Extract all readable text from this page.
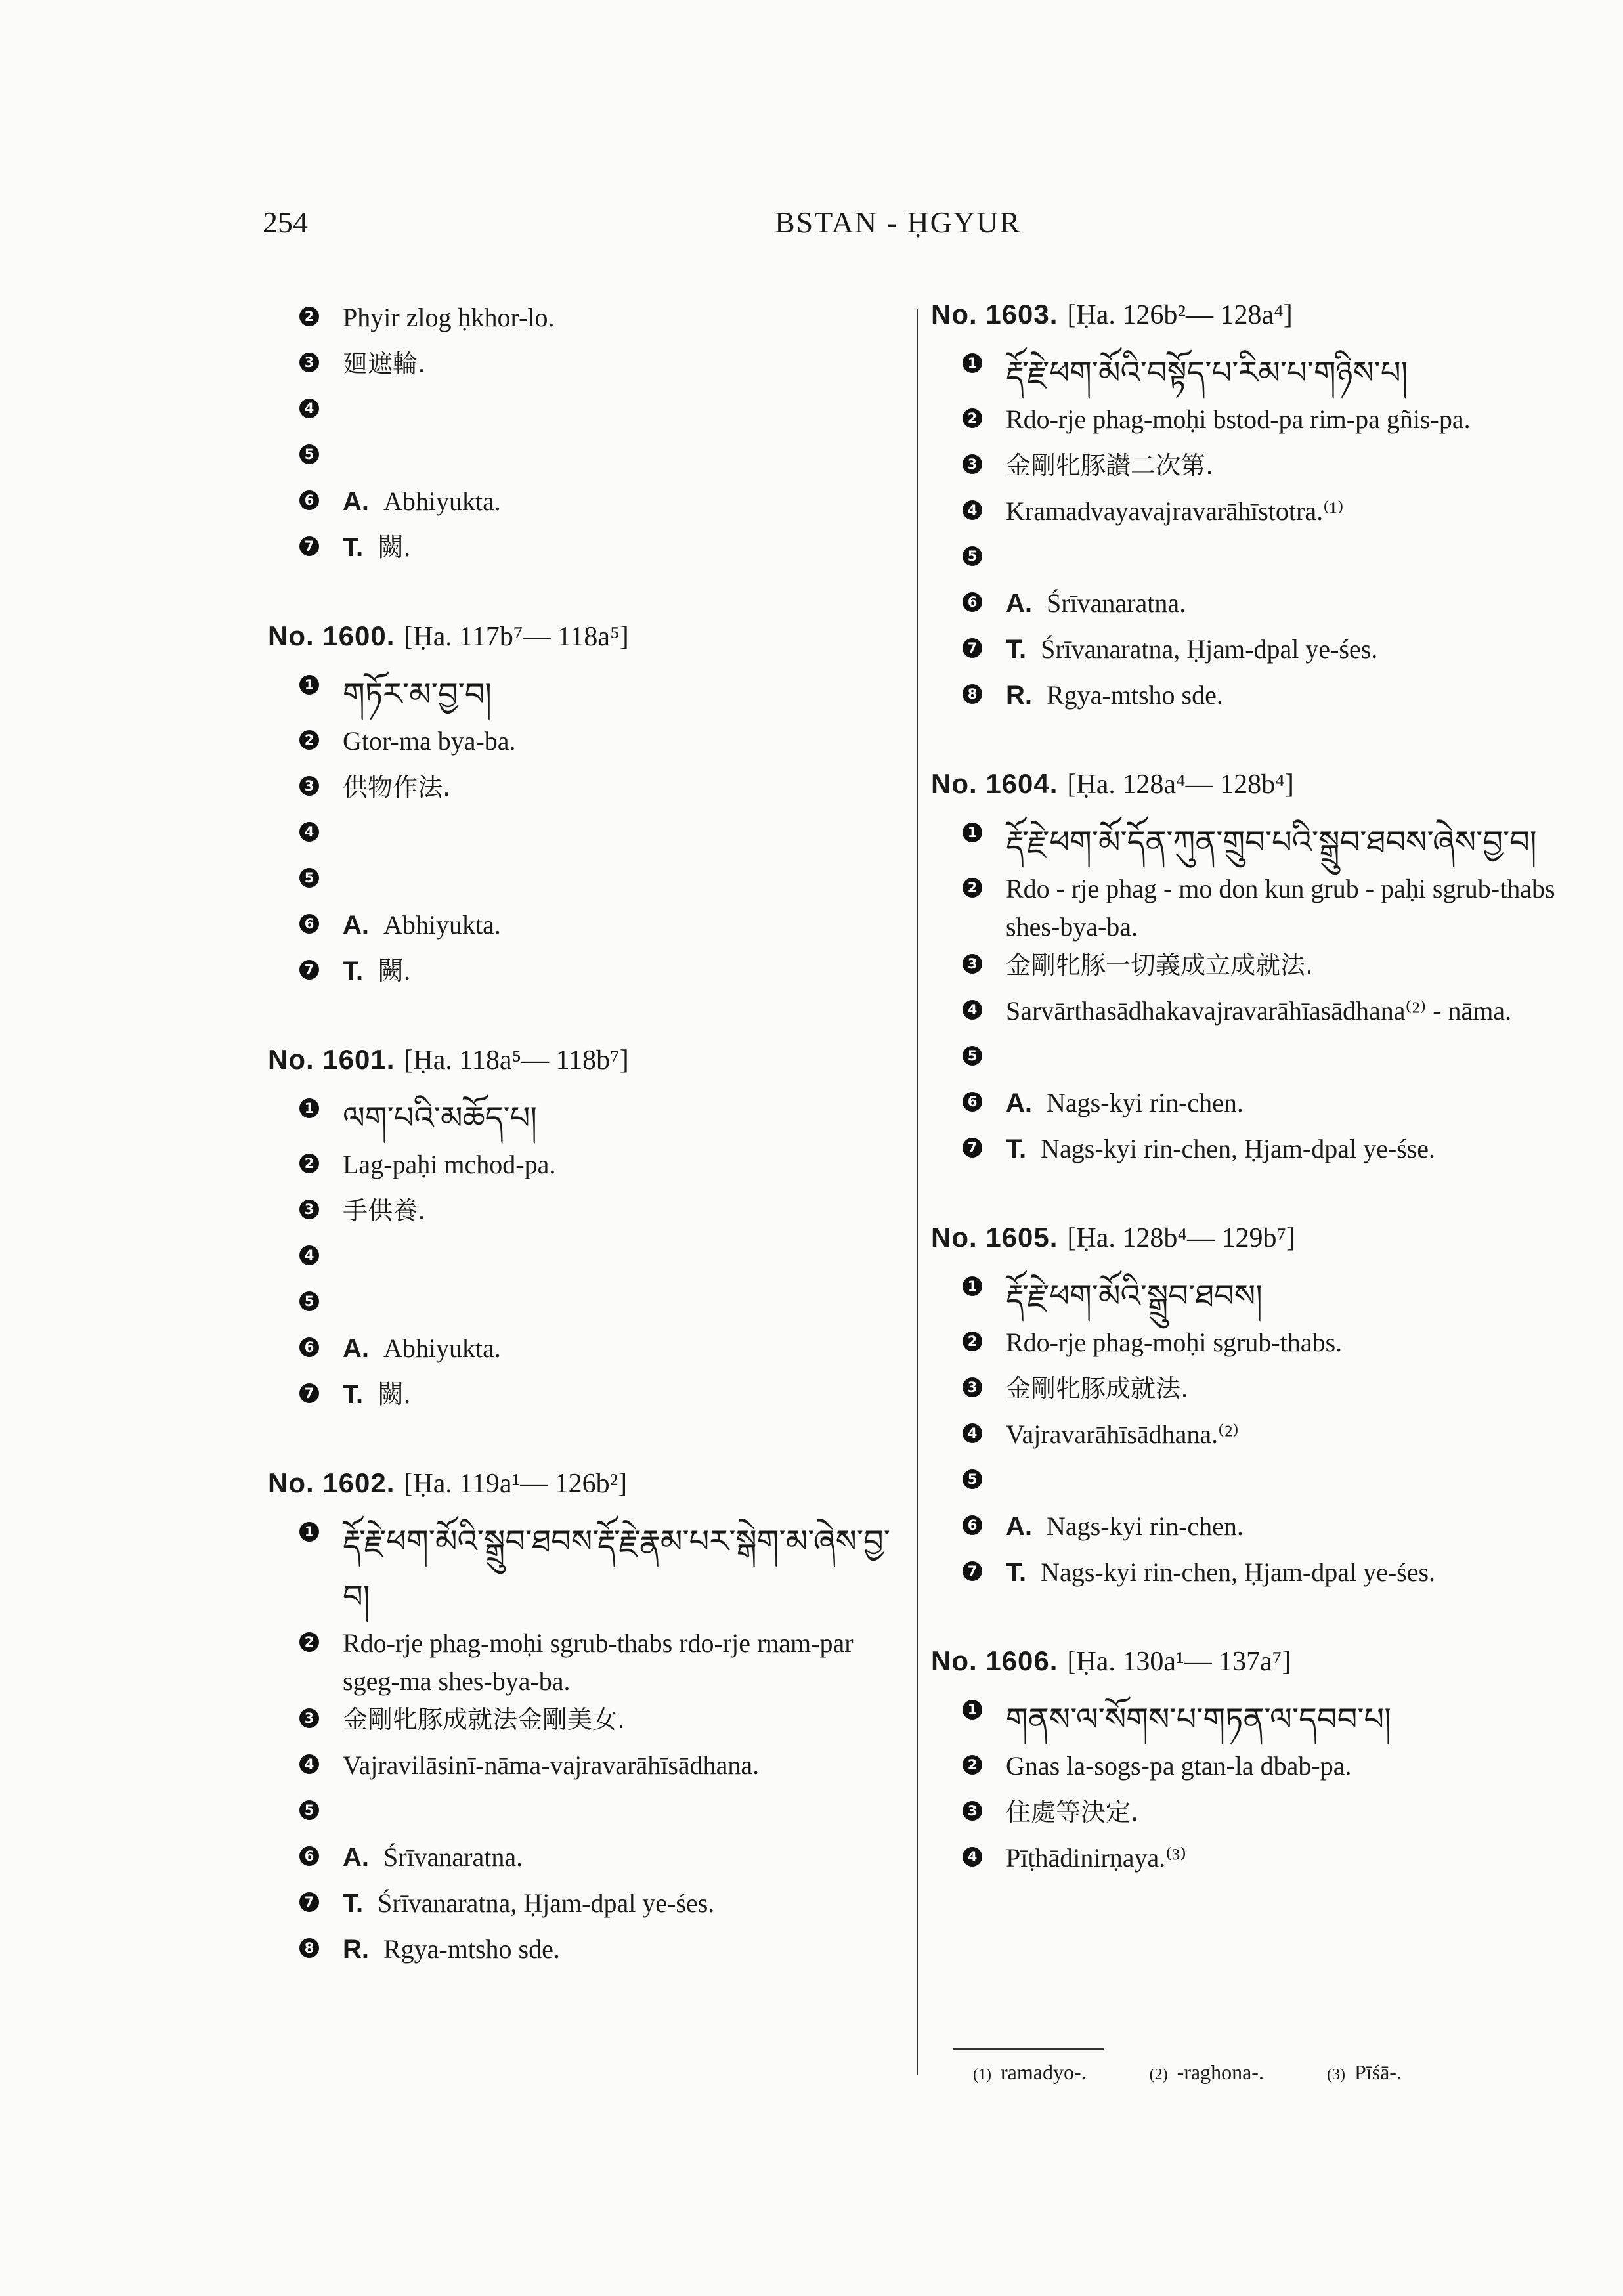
254	BSTAN - ḤGYUR
2 Phyir zlog ḥkhor-lo.
3 廻遮輪.
4
5
6 A. Abhiyukta.
7 T. 闕.
No. 1600. [Ḥa. 117b⁷— 118a⁵]
1 གཏོར་མ་བྱ་བ།
2 Gtor-ma bya-ba.
3 供物作法.
4
5
6 A. Abhiyukta.
7 T. 闕.
No. 1601. [Ḥa. 118a⁵— 118b⁷]
1 ལག་པའི་མཆོད་པ།
2 Lag-paḥi mchod-pa.
3 手供養.
4
5
6 A. Abhiyukta.
7 T. 闕.
No. 1602. [Ḥa. 119a¹— 126b²]
1 རྡོ་རྗེ་ཕག་མོའི་སྒྲུབ་ཐབས་རྡོ་རྗེ་རྣམ་པར་སྒེག་མ་ཞེས་བྱ་བ།
2 Rdo-rje phag-moḥi sgrub-thabs rdo-rje rnam-par sgeg-ma shes-bya-ba.
3 金剛牝豚成就法金剛美女.
4 Vajravilāsinī-nāma-vajravarāhīsādhana.
5
6 A. Śrīvanaratna.
7 T. Śrīvanaratna, Ḥjam-dpal ye-śes.
8 R. Rgya-mtsho sde.
No. 1603. [Ḥa. 126b²— 128a⁴]
1 རྡོ་རྗེ་ཕག་མོའི་བསྟོད་པ་རིམ་པ་གཉིས་པ།
2 Rdo-rje phag-moḥi bstod-pa rim-pa gñis-pa.
3 金剛牝豚讃二次第.
4 Kramadvayavajravarāhīstotra.⁽¹⁾
5
6 A. Śrīvanaratna.
7 T. Śrīvanaratna, Ḥjam-dpal ye-śes.
8 R. Rgya-mtsho sde.
No. 1604. [Ḥa. 128a⁴— 128b⁴]
1 རྡོ་རྗེ་ཕག་མོ་དོན་ཀུན་གྲུབ་པའི་སྒྲུབ་ཐབས་ཞེས་བྱ་བ།
2 Rdo - rje phag - mo don kun grub - paḥi sgrub-thabs shes-bya-ba.
3 金剛牝豚一切義成立成就法.
4 Sarvārthasādhakavajravarāhīasādhana⁽²⁾ - nāma.
5
6 A. Nags-kyi rin-chen.
7 T. Nags-kyi rin-chen, Ḥjam-dpal ye-śse.
No. 1605. [Ḥa. 128b⁴— 129b⁷]
1 རྡོ་རྗེ་ཕག་མོའི་སྒྲུབ་ཐབས།
2 Rdo-rje phag-moḥi sgrub-thabs.
3 金剛牝豚成就法.
4 Vajravarāhīsādhana.⁽²⁾
5
6 A. Nags-kyi rin-chen.
7 T. Nags-kyi rin-chen, Ḥjam-dpal ye-śes.
No. 1606. [Ḥa. 130a¹— 137a⁷]
1 གནས་ལ་སོགས་པ་གཏན་ལ་དབབ་པ།
2 Gnas la-sogs-pa gtan-la dbab-pa.
3 住處等決定.
4 Pīṭhādinirṇaya.⁽³⁾
(1) ramadyo-.	(2) -raghona-.	(3) Pīśā-.
